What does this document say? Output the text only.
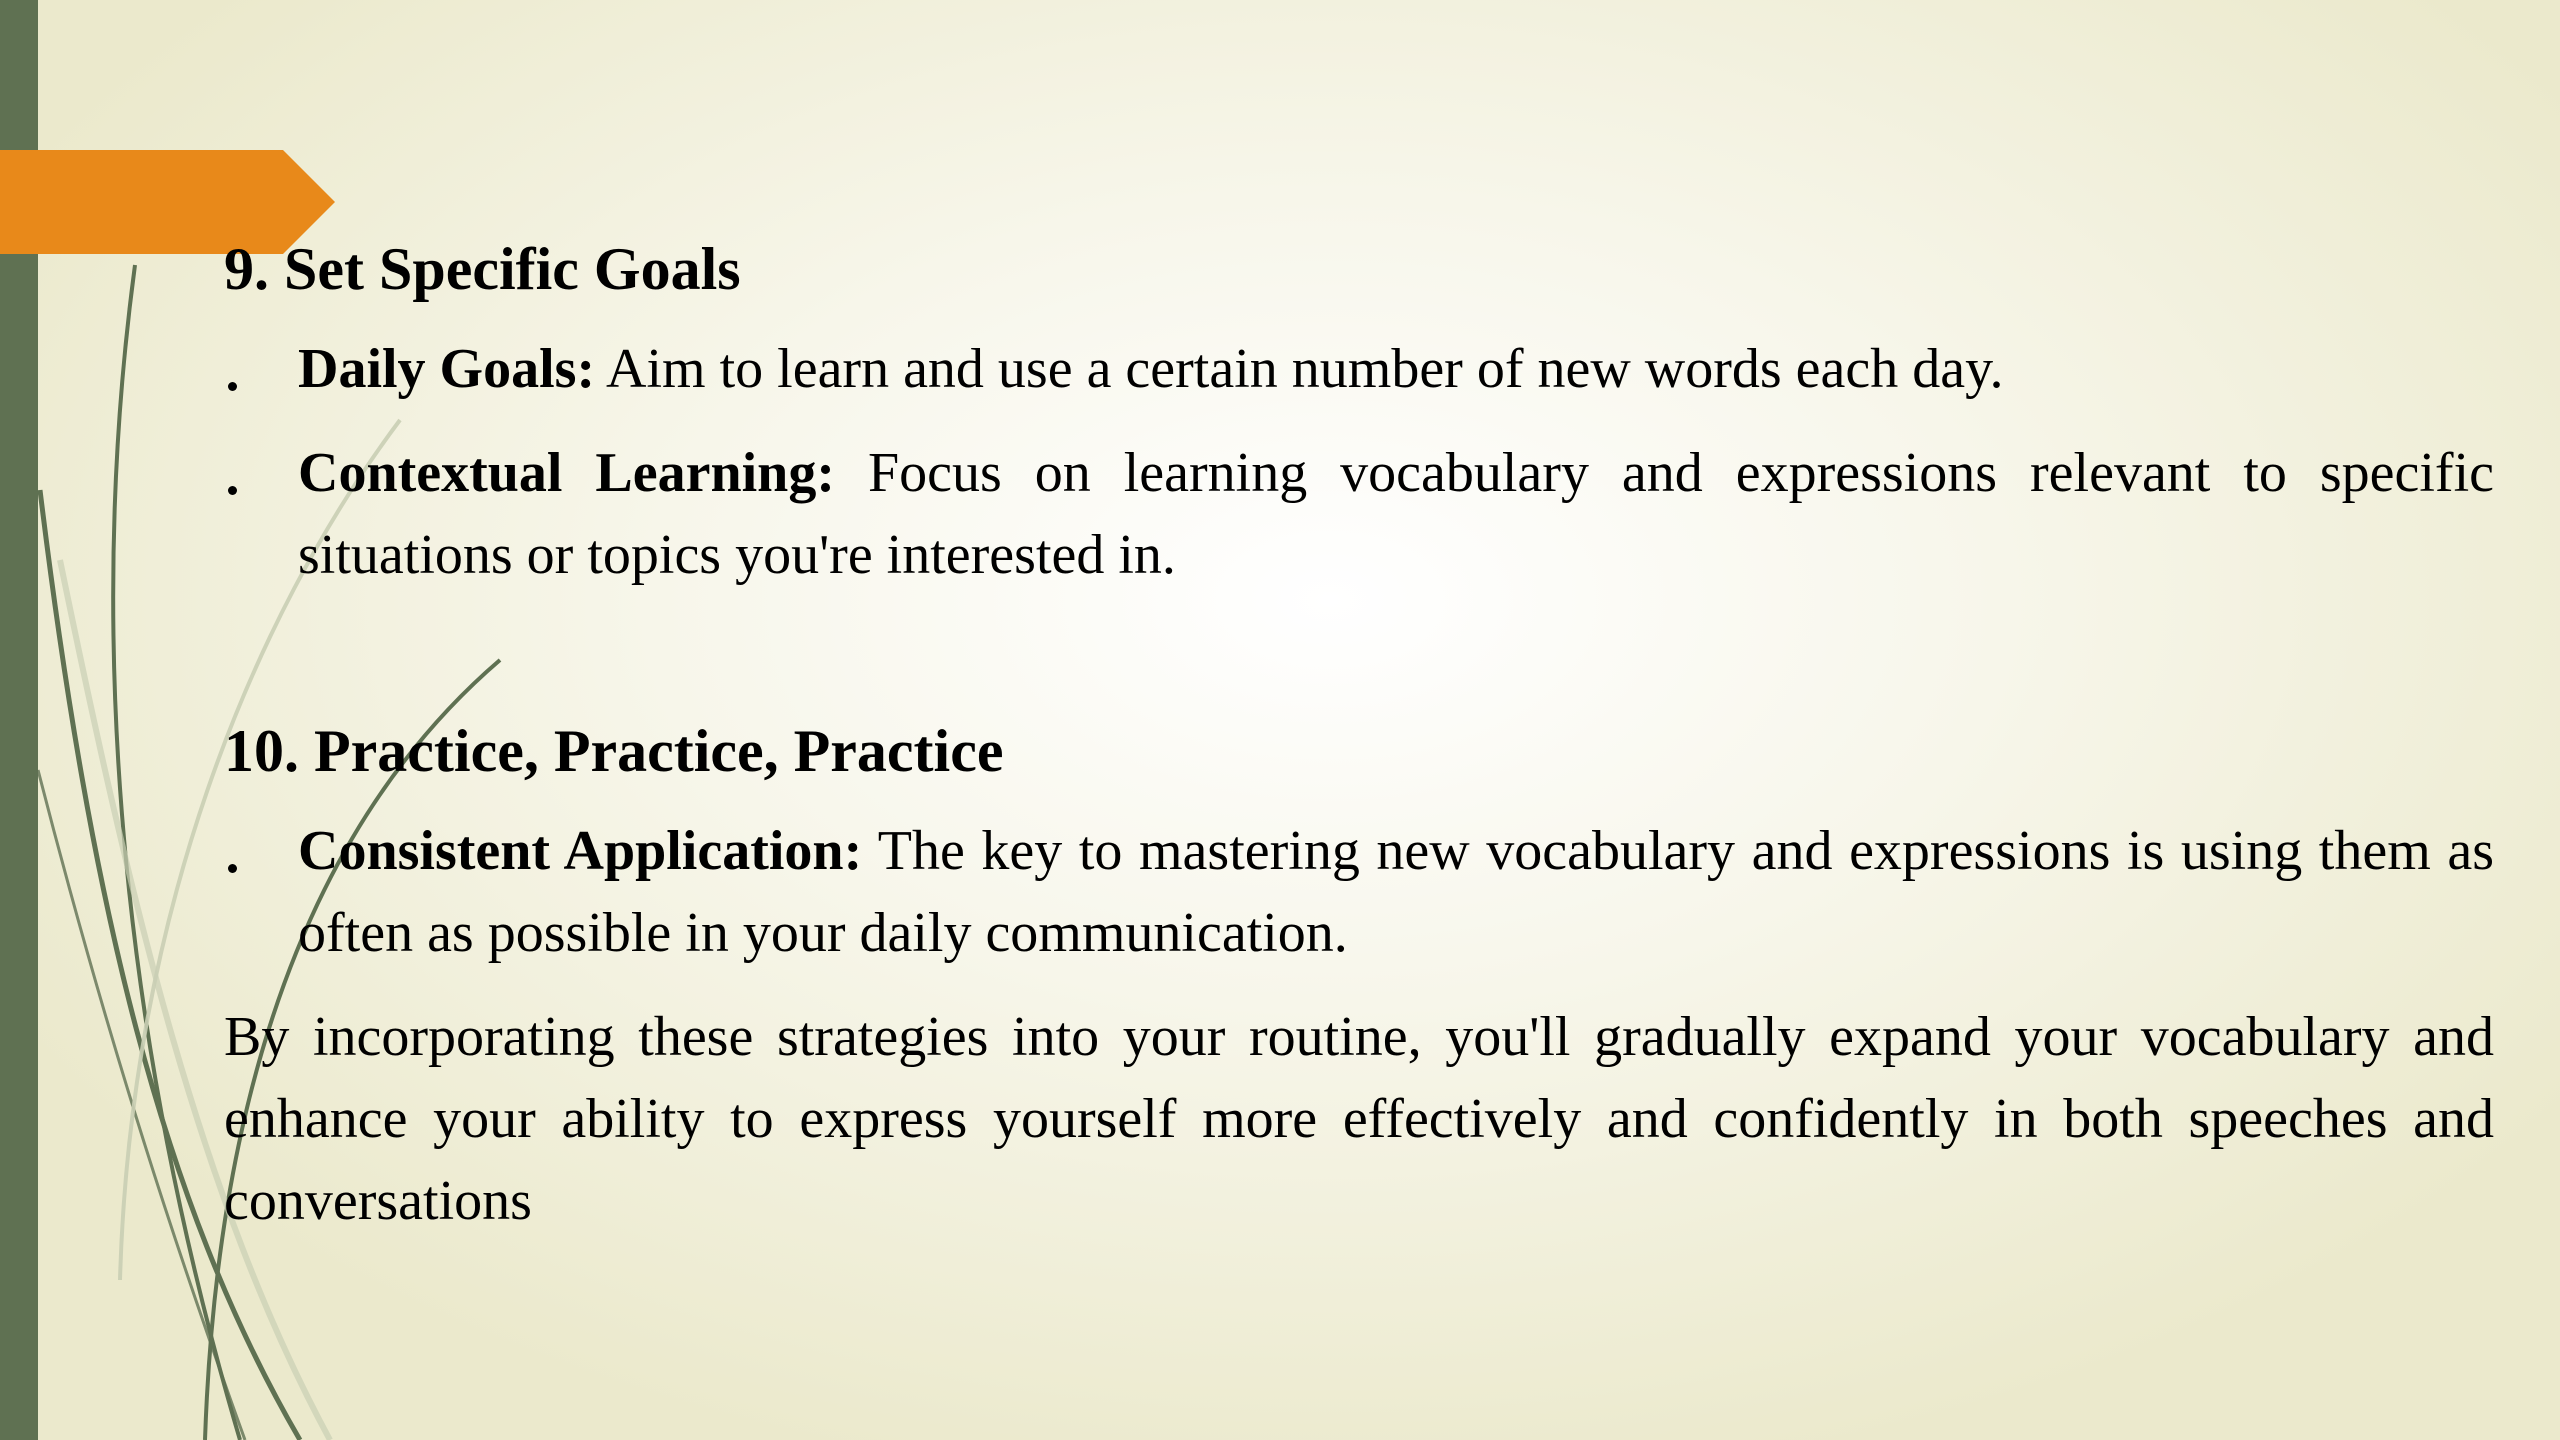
9. Set Specific Goals
Daily Goals: Aim to learn and use a certain number of new words each day.
Contextual Learning: Focus on learning vocabulary and expressions relevant to specific situations or topics you're interested in.
10. Practice, Practice, Practice
Consistent Application: The key to mastering new vocabulary and expressions is using them as often as possible in your daily communication.

By incorporating these strategies into your routine, you'll gradually expand your vocabulary and enhance your ability to express yourself more effectively and confidently in both speeches and conversations
